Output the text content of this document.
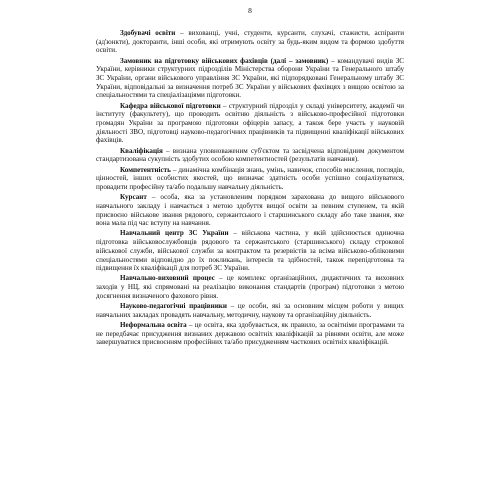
8

Здобувачі освіти – вихованці, учні, студенти, курсанти, слухачі, стажисти, аспіранти (ад'юнкти), докторанти, інші особи, які отримують освіту за будь-яким видом та формою здобуття освіти.

Замовник на підготовку військових фахівців (далі – замовник) – командувачі видів ЗС України, керівники структурних підрозділів Міністерства оборони України та Генерального штабу ЗС України, органи військового управління ЗС України, які підпорядковані Генеральному штабу ЗС України, відповідальні за визначення потреб ЗС України у військових фахівцях з вищою освітою за спеціальностями та спеціалізаціями підготовки.

Кафедра військової підготовки – структурний підрозділ у складі університету, академії чи інституту (факультету), що проводить освітню діяльність з військово-професійної підготовки громадян України за програмою підготовки офіцерів запасу, а також бере участь у науковій діяльності ЗВО, підготовці науково-педагогічних працівників та підвищенні кваліфікації військових фахівців.

Кваліфікація – визнана уповноваженим суб'єктом та засвідчена відповідним документом стандартизована сукупність здобутих особою компетентностей (результатів навчання).

Компетентність – динамічна комбінація знань, умінь, навичок, способів мислення, поглядів, цінностей, інших особистих якостей, що визначає здатність особи успішно соціалізуватися, провадити професійну та/або подальшу навчальну діяльність.

Курсант – особа, яка за установленим порядком зарахована до вищого військового навчального закладу і навчається з метою здобуття вищої освіти за певним ступенем, та якій присвоєно військове звання рядового, сержантського і старшинського складу або таке звання, яке вона мала під час вступу на навчання.

Навчальний центр ЗС України – військова частина, у якій здійснюється одиночна підготовка військовослужбовців рядового та сержантського (старшинського) складу строкової військової служби, військової служби за контрактом та резервістів за всіма військово-обліковими спеціальностями відповідно до їх покликань, інтересів та здібностей, також перепідготовка та підвищення їх кваліфікації для потреб ЗС України.

Навчально-виховний процес – це комплекс організаційних, дидактичних та виховних заходів у НЦ, які спрямовані на реалізацію виконання стандартів (програм) підготовки з метою досягнення визначеного фахового рівня.

Науково-педагогічні працівники – це особи, які за основним місцем роботи у вищих навчальних закладах провадять навчальну, методичну, наукову та організаційну діяльність.

Неформальна освіта – це освіта, яка здобувається, як правило, за освітніми програмами та не передбачає присудження визнаних державою освітніх кваліфікацій за рівнями освіти, але може завершуватися присвоєнням професійних та/або присудженням часткових освітніх кваліфікацій.
